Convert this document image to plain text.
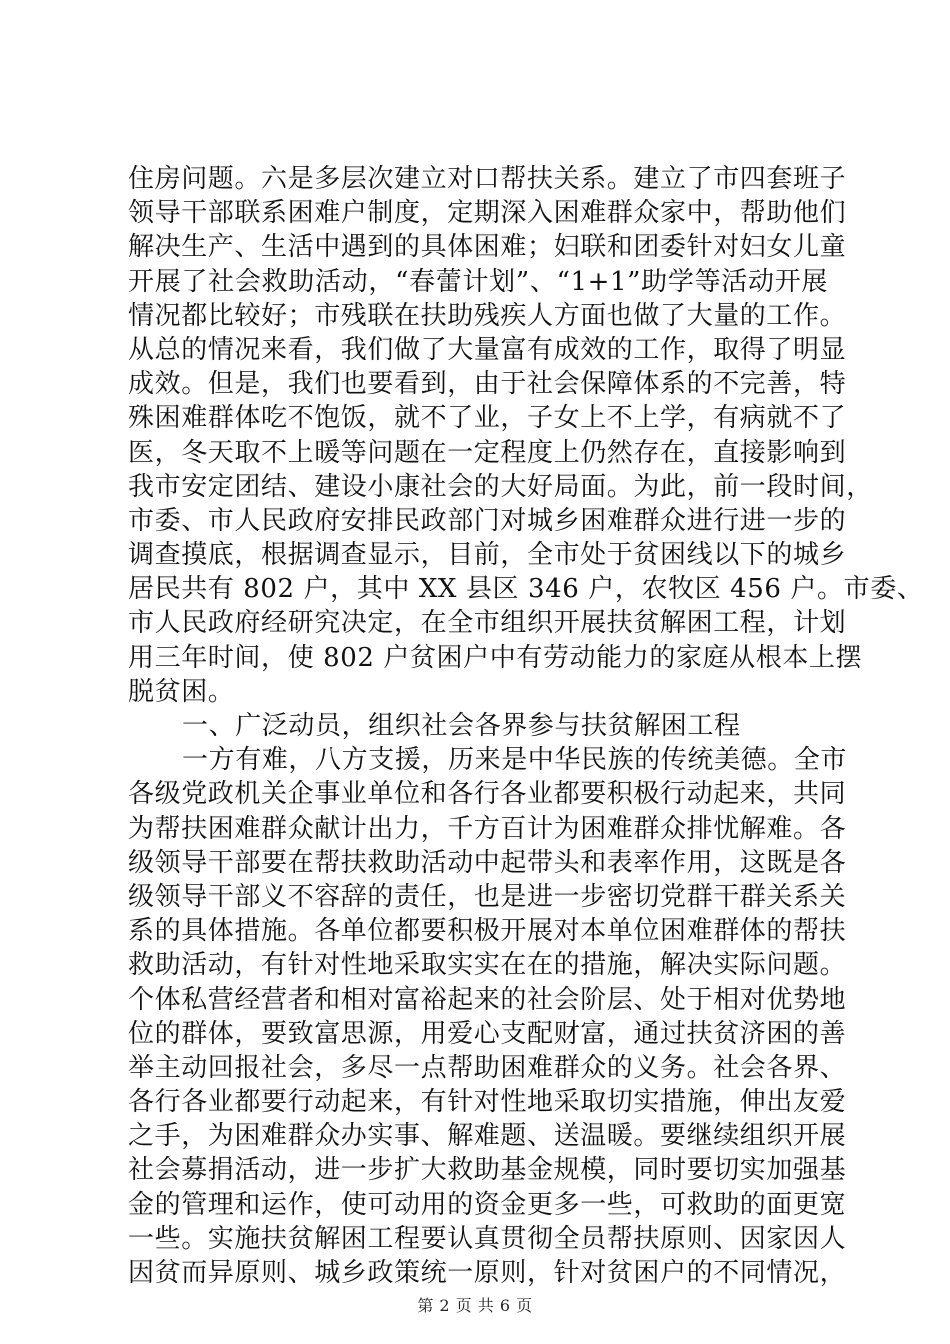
住房问题。六是多层次建立对口帮扶关系。建立了市四套班子
领导干部联系困难户制度，定期深入困难群众家中，帮助他们
解决生产、生活中遇到的具体困难；妇联和团委针对妇女儿童
开展了社会救助活动，“春蕾计划”、“1+1”助学等活动开展
情况都比较好；市残联在扶助残疾人方面也做了大量的工作。
从总的情况来看，我们做了大量富有成效的工作，取得了明显
成效。但是，我们也要看到，由于社会保障体系的不完善，特
殊困难群体吃不饱饭，就不了业，子女上不上学，有病就不了
医，冬天取不上暖等问题在一定程度上仍然存在，直接影响到
我市安定团结、建设小康社会的大好局面。为此，前一段时间，
市委、市人民政府安排民政部门对城乡困难群众进行进一步的
调查摸底，根据调查显示，目前，全市处于贫困线以下的城乡
居民共有 802 户，其中 XX 县区 346 户，农牧区 456 户。市委、
市人民政府经研究决定，在全市组织开展扶贫解困工程，计划
用三年时间，使 802 户贫困户中有劳动能力的家庭从根本上摆
脱贫困。
一、广泛动员，组织社会各界参与扶贫解困工程
一方有难，八方支援，历来是中华民族的传统美德。全市
各级党政机关企事业单位和各行各业都要积极行动起来，共同
为帮扶困难群众献计出力，千方百计为困难群众排忧解难。各
级领导干部要在帮扶救助活动中起带头和表率作用，这既是各
级领导干部义不容辞的责任，也是进一步密切党群干群关系关
系的具体措施。各单位都要积极开展对本单位困难群体的帮扶
救助活动，有针对性地采取实实在在的措施，解决实际问题。
个体私营经营者和相对富裕起来的社会阶层、处于相对优势地
位的群体，要致富思源，用爱心支配财富，通过扶贫济困的善
举主动回报社会，多尽一点帮助困难群众的义务。社会各界、
各行各业都要行动起来，有针对性地采取切实措施，伸出友爱
之手，为困难群众办实事、解难题、送温暖。要继续组织开展
社会募捐活动，进一步扩大救助基金规模，同时要切实加强基
金的管理和运作，使可动用的资金更多一些，可救助的面更宽
一些。实施扶贫解困工程要认真贯彻全员帮扶原则、因家因人
因贫而异原则、城乡政策统一原则，针对贫困户的不同情况，
第 2 页 共 6 页
